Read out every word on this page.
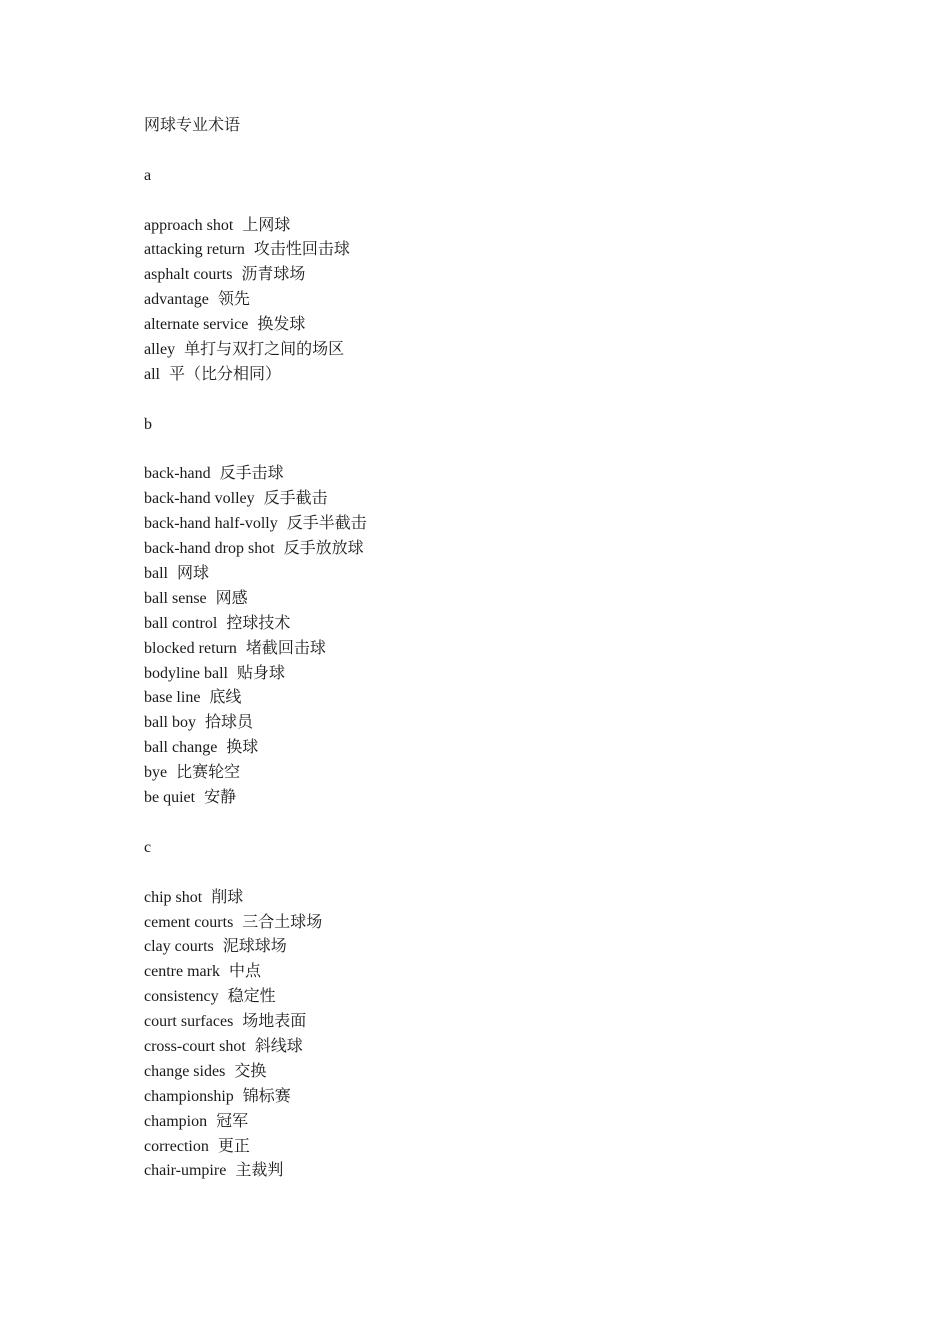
网球专业术语
a
approach shot 上网球
attacking return 攻击性回击球
asphalt courts 沥青球场
advantage 领先
alternate service 换发球
alley 单打与双打之间的场区
all 平（比分相同）
b
back-hand 反手击球
back-hand volley 反手截击
back-hand half-volly 反手半截击
back-hand drop shot 反手放放球
ball 网球
ball sense 网感
ball control 控球技术
blocked return 堵截回击球
bodyline ball 贴身球
base line 底线
ball boy 拾球员
ball change 换球
bye 比赛轮空
be quiet 安静
c
chip shot 削球
cement courts 三合土球场
clay courts 泥球球场
centre mark 中点
consistency 稳定性
court surfaces 场地表面
cross-court shot 斜线球
change sides 交换
championship 锦标赛
champion 冠军
correction 更正
chair-umpire 主裁判
